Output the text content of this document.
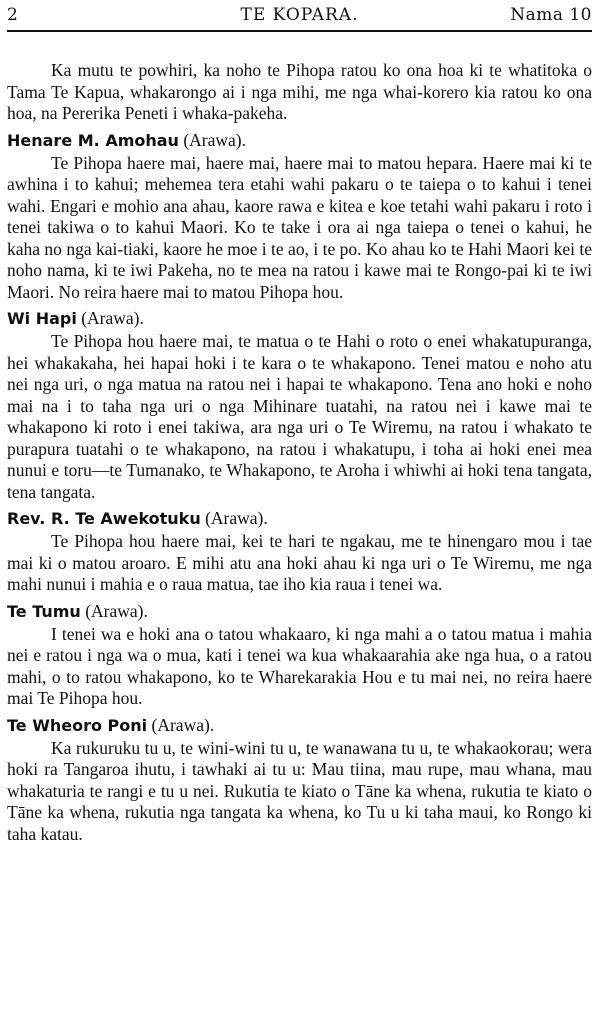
2	TE KOPARA.	Nama 10

Ka mutu te powhiri, ka noho te Pihopa ratou ko ona hoa ki te whatitoka o Tama Te Kapua, whakarongo ai i nga mihi, me nga whai-korero kia ratou ko ona hoa, na Pererika Peneti i whaka-pakeha.

Henare M. Amohau (Arawa).

Te Pihopa haere mai, haere mai, haere mai to matou hepara. Haere mai ki te awhina i to kahui; mehemea tera etahi wahi pakaru o te taiepa o to kahui i tenei wahi. Engari e mohio ana ahau, kaore rawa e kitea e koe tetahi wahi pakaru i roto i tenei takiwa o to kahui Maori. Ko te take i ora ai nga taiepa o tenei o kahui, he kaha no nga kai-tiaki, kaore he moe i te ao, i te po. Ko ahau ko te Hahi Maori kei te noho nama, ki te iwi Pakeha, no te mea na ratou i kawe mai te Rongo-pai ki te iwi Maori. No reira haere mai to matou Pihopa hou.

Wi Hapi (Arawa).

Te Pihopa hou haere mai, te matua o te Hahi o roto o enei whakatupuranga, hei whakakaha, hei hapai hoki i te kara o te whakapono. Tenei matou e noho atu nei nga uri, o nga matua na ratou nei i hapai te whakapono. Tena ano hoki e noho mai na i to taha nga uri o nga Mihinare tuatahi, na ratou nei i kawe mai te whakapono ki roto i enei takiwa, ara nga uri o Te Wiremu, na ratou i whakato te purapura tuatahi o te whakapono, na ratou i whakatupu, i toha ai hoki enei mea nunui e toru—te Tumanako, te Whakapono, te Aroha i whiwhi ai hoki tena tangata, tena tangata.

Rev. R. Te Awekotuku (Arawa).

Te Pihopa hou haere mai, kei te hari te ngakau, me te hinengaro mou i tae mai ki o matou aroaro. E mihi atu ana hoki ahau ki nga uri o Te Wiremu, me nga mahi nunui i mahia e o raua matua, tae iho kia raua i tenei wa.

Te Tumu (Arawa).

I tenei wa e hoki ana o tatou whakaaro, ki nga mahi a o tatou matua i mahia nei e ratou i nga wa o mua, kati i tenei wa kua whakaarahia ake nga hua, o a ratou mahi, o to ratou whakapono, ko te Wharekarakia Hou e tu mai nei, no reira haere mai Te Pihopa hou.

Te Wheoro Poni (Arawa).

Ka rukuruku tu u, te wini-wini tu u, te wanawana tu u, te whakaokorau; wera hoki ra Tangaroa ihutu, i tawhaki ai tu u: Mau tiina, mau rupe, mau whana, mau whakaturia te rangi e tu u nei. Rukutia te kiato o Tāne ka whena, rukutia te kiato o Tāne ka whena, rukutia nga tangata ka whena, ko Tu u ki taha maui, ko Rongo ki taha katau.
